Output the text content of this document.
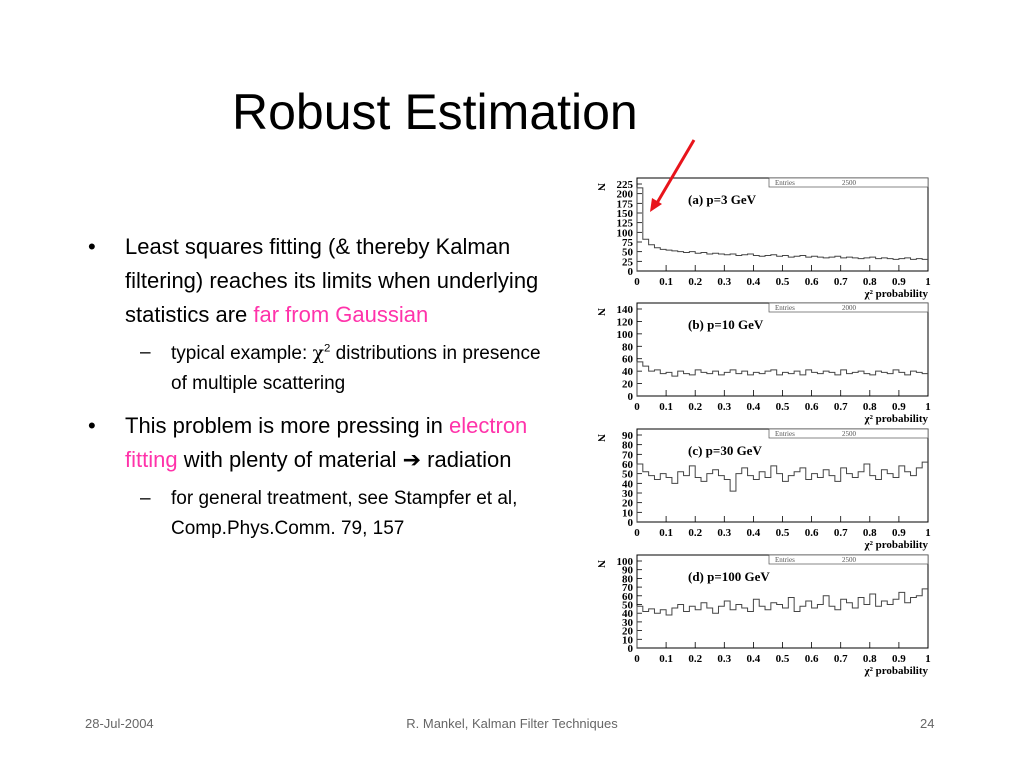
Robust Estimation
• Least squares fitting (& thereby Kalman filtering) reaches its limits when underlying statistics are far from Gaussian
– typical example: $\chi^2$ distributions in presence of multiple scattering
• This problem is more pressing in electron fitting with plenty of material ➔ radiation
– for general treatment, see Stampfer et al, Comp.Phys.Comm. 79, 157
Entries	2500
(a) p=3 GeV
N 225
200
175
150
125
100
75
50
25
0
0 0.1 0.2 0.3 0.4 0.5 0.6 0.7 0.8 0.9 1
χ² probability
Entries	2000
(b) p=10 GeV
N 140
120
100
80
60
40
20
0
0 0.1 0.2 0.3 0.4 0.5 0.6 0.7 0.8 0.9 1
χ² probability
Entries	2500
(c) p=30 GeV
N 90
80
70
60
50
40
30
20
10
0
0 0.1 0.2 0.3 0.4 0.5 0.6 0.7 0.8 0.9 1
χ² probability
Entries	2500
(d) p=100 GeV
N 100
90
80
70
60
50
40
30
20
10
0
0 0.1 0.2 0.3 0.4 0.5 0.6 0.7 0.8 0.9 1
χ² probability
28-Jul-2004	R. Mankel, Kalman Filter Techniques	24
